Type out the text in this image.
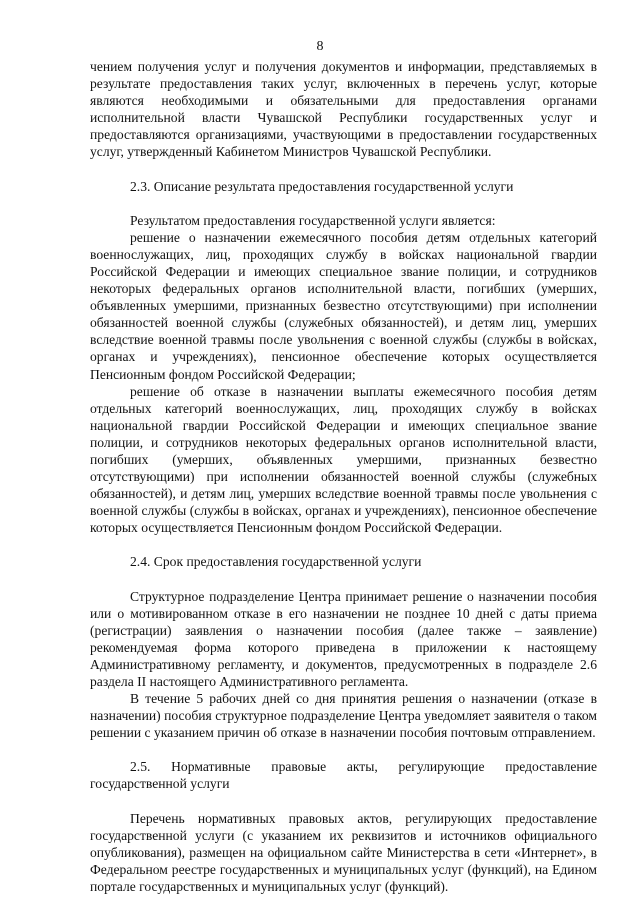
8

чением получения услуг и получения документов и информации, представляемых в результате предоставления таких услуг, включенных в перечень услуг, которые являются необходимыми и обязательными для предоставления органами исполнительной власти Чувашской Республики государственных услуг и предоставляются организациями, участвующими в предоставлении государственных услуг, утвержденный Кабинетом Министров Чувашской Республики.

2.3. Описание результата предоставления государственной услуги

Результатом предоставления государственной услуги является:

решение о назначении ежемесячного пособия детям отдельных категорий военнослужащих, лиц, проходящих службу в войсках национальной гвардии Российской Федерации и имеющих специальное звание полиции, и сотрудников некоторых федеральных органов исполнительной власти, погибших (умерших, объявленных умершими, признанных безвестно отсутствующими) при исполнении обязанностей военной службы (служебных обязанностей), и детям лиц, умерших вследствие военной травмы после увольнения с военной службы (службы в войсках, органах и учреждениях), пенсионное обеспечение которых осуществляется Пенсионным фондом Российской Федерации;

решение об отказе в назначении выплаты ежемесячного пособия детям отдельных категорий военнослужащих, лиц, проходящих службу в войсках национальной гвардии Российской Федерации и имеющих специальное звание полиции, и сотрудников некоторых федеральных органов исполнительной власти, погибших (умерших, объявленных умершими, признанных безвестно отсутствующими) при исполнении обязанностей военной службы (служебных обязанностей), и детям лиц, умерших вследствие военной травмы после увольнения с военной службы (службы в войсках, органах и учреждениях), пенсионное обеспечение которых осуществляется Пенсионным фондом Российской Федерации.

2.4. Срок предоставления государственной услуги

Структурное подразделение Центра принимает решение о назначении пособия или о мотивированном отказе в его назначении не позднее 10 дней с даты приема (регистрации) заявления о назначении пособия (далее также – заявление) рекомендуемая форма которого приведена в приложении к настоящему Административному регламенту, и документов, предусмотренных в подразделе 2.6 раздела II настоящего Административного регламента.

В течение 5 рабочих дней со дня принятия решения о назначении (отказе в назначении) пособия структурное подразделение Центра уведомляет заявителя о таком решении с указанием причин об отказе в назначении пособия почтовым отправлением.

2.5. Нормативные правовые акты, регулирующие предоставление государственной услуги

Перечень нормативных правовых актов, регулирующих предоставление государственной услуги (с указанием их реквизитов и источников официального опубликования), размещен на официальном сайте Министерства в сети «Интернет», в Федеральном реестре государственных и муниципальных услуг (функций), на Едином портале государственных и муниципальных услуг (функций).
